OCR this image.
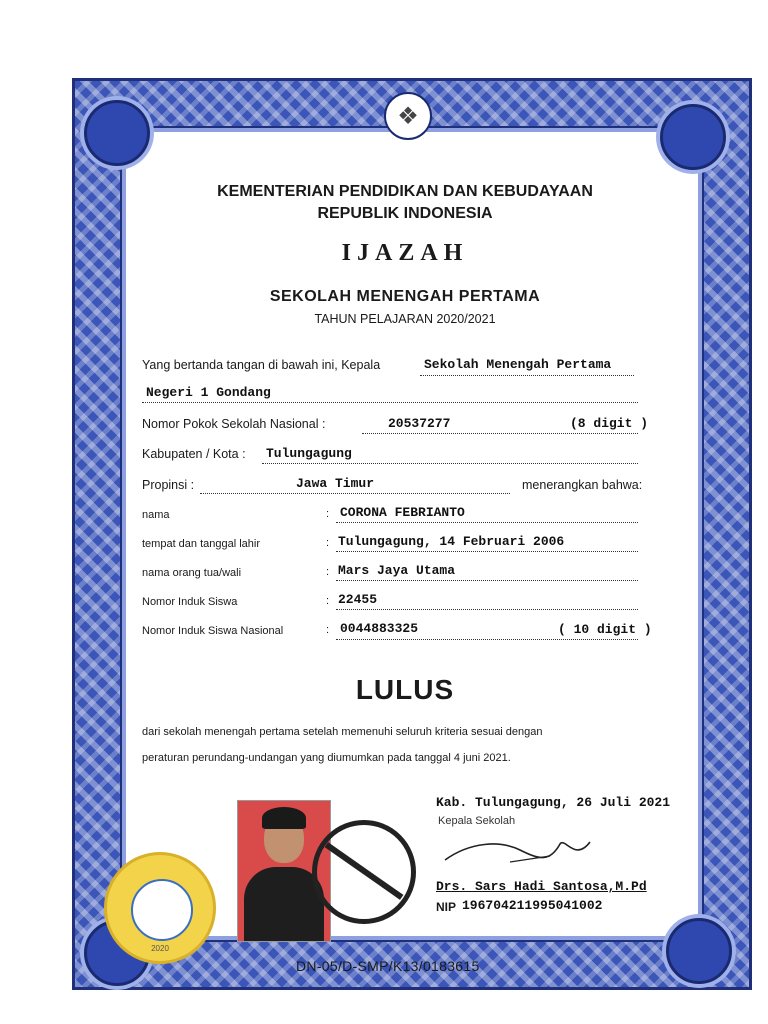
❖
KEMENTERIAN PENDIDIKAN DAN KEBUDAYAAN
REPUBLIK INDONESIA
IJAZAH
SEKOLAH MENENGAH PERTAMA
TAHUN PELAJARAN 2020/2021
Yang bertanda tangan di bawah ini, Kepala	Sekolah Menengah Pertama
Negeri 1 Gondang
Nomor Pokok Sekolah Nasional :	20537277	(8 digit )
Kabupaten / Kota : Tulungagung
Propinsi :	Jawa Timur	menerangkan bahwa:
nama	: CORONA FEBRIANTO
tempat dan tanggal lahir	: Tulungagung, 14 Februari 2006
nama orang tua/wali	: Mars Jaya Utama
Nomor Induk Siswa	: 22455
Nomor Induk Siswa Nasional	: 0044883325	( 10 digit )
LULUS
dari sekolah menengah pertama setelah memenuhi seluruh kriteria sesuai dengan
peraturan perundang-undangan yang diumumkan pada tanggal 4 juni 2021.
2020
Kab. Tulungagung, 26 Juli 2021
Kepala Sekolah
Drs. Sars Hadi Santosa,M.Pd
NIP 196704211995041002
DN-05/D-SMP/K13/0183615
